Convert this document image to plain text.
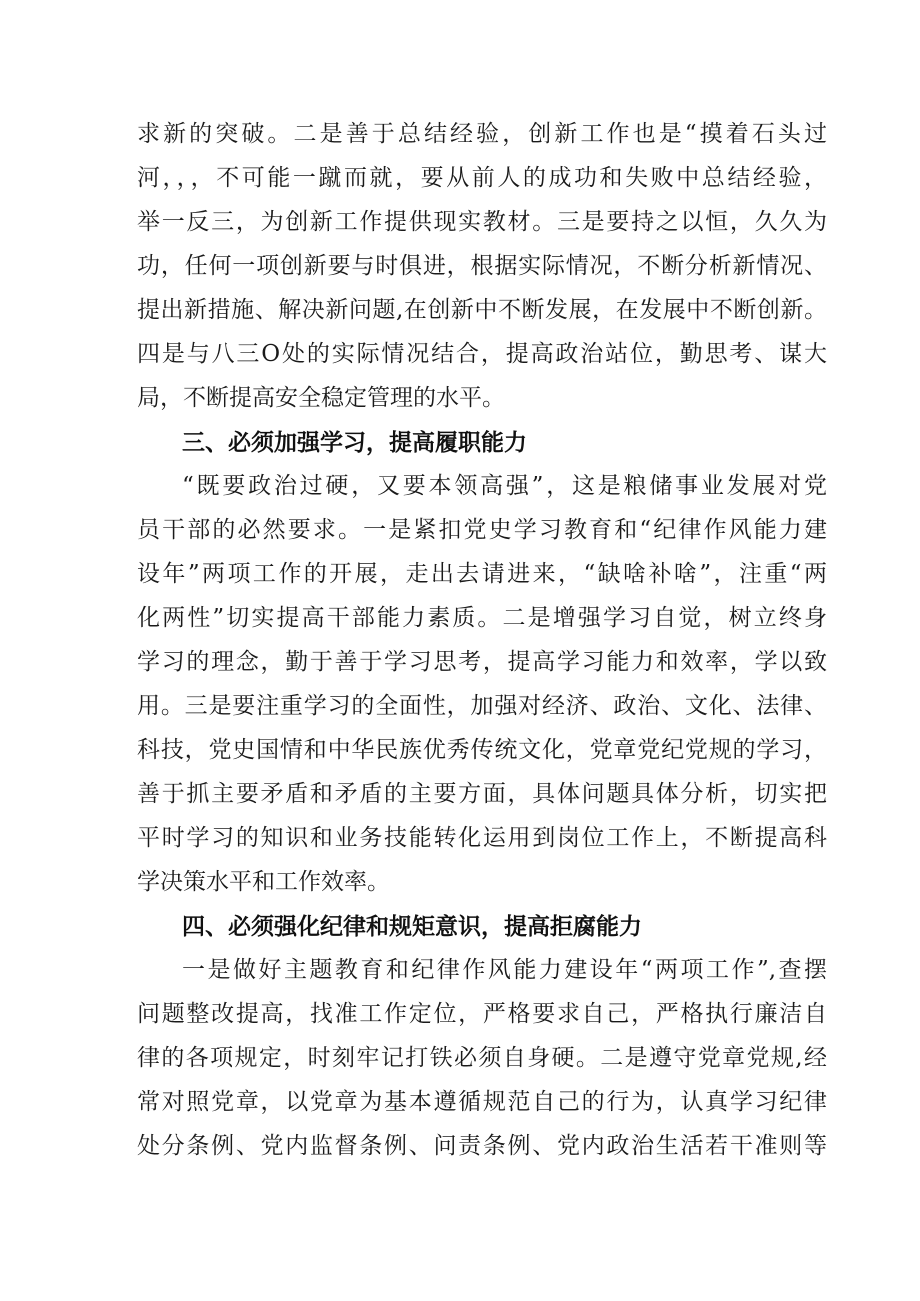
求新的突破。二是善于总结经验，创新工作也是“摸着石头过
河，，，不可能一蹴而就，要从前人的成功和失败中总结经验，
举一反三，为创新工作提供现实教材。三是要持之以恒，久久为
功，任何一项创新要与时俱进，根据实际情况，不断分析新情况、
提出新措施、解决新问题,在创新中不断发展，在发展中不断创新。
四是与八三O处的实际情况结合，提高政治站位，勤思考、谋大
局，不断提高安全稳定管理的水平。
三、必须加强学习，提高履职能力
“既要政治过硬，又要本领高强”，这是粮储事业发展对党
员干部的必然要求。一是紧扣党史学习教育和“纪律作风能力建
设年”两项工作的开展，走出去请进来，“缺啥补啥”，注重“两
化两性”切实提高干部能力素质。二是增强学习自觉，树立终身
学习的理念，勤于善于学习思考，提高学习能力和效率，学以致
用。三是要注重学习的全面性，加强对经济、政治、文化、法律、
科技，党史国情和中华民族优秀传统文化，党章党纪党规的学习，
善于抓主要矛盾和矛盾的主要方面，具体问题具体分析，切实把
平时学习的知识和业务技能转化运用到岗位工作上，不断提高科
学决策水平和工作效率。
四、必须强化纪律和规矩意识，提高拒腐能力
一是做好主题教育和纪律作风能力建设年“两项工作”,查摆
问题整改提高，找准工作定位，严格要求自己，严格执行廉洁自
律的各项规定，时刻牢记打铁必须自身硬。二是遵守党章党规,经
常对照党章，以党章为基本遵循规范自己的行为，认真学习纪律
处分条例、党内监督条例、问责条例、党内政治生活若干准则等
